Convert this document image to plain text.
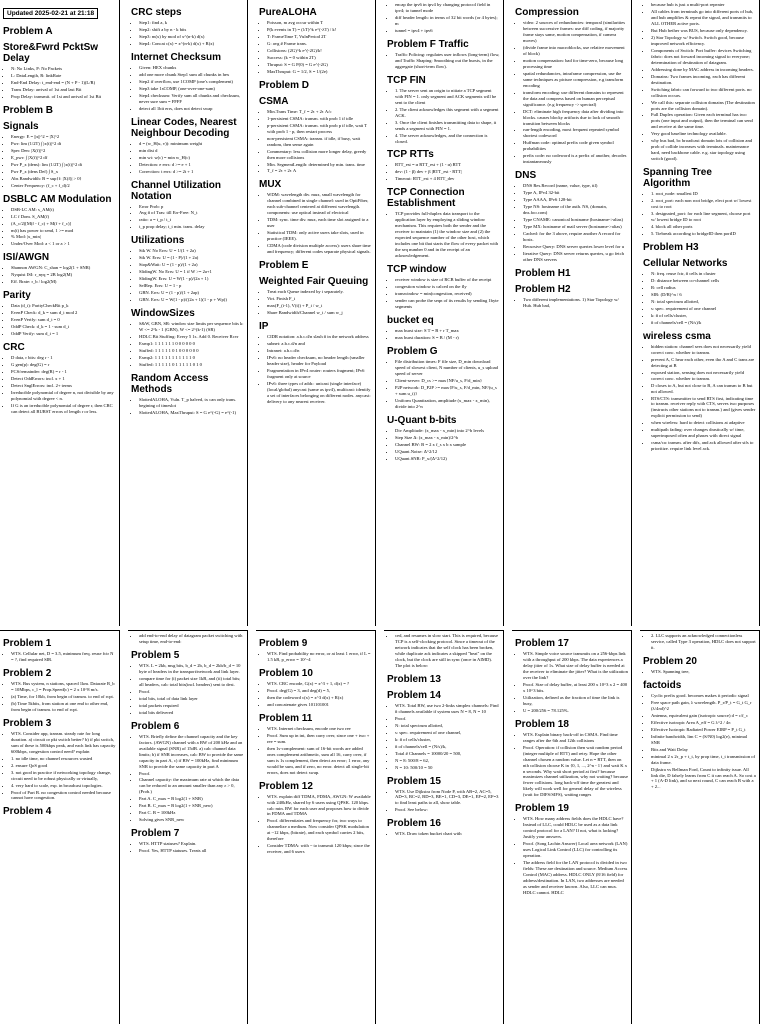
Updated 2025-02-21 at 21:18
Problem A
Store&Fwrd PcktSw Delay
• N: No Links, P: No Packets
• L: DataLength, R: linkRate
• End-End Delay: t_end-end = (N + P - 1)(L/R)
• Trans Delay: arrival of 1st and last Bit
• Prop Delay: transmit. of 1st and arrival of 1st Bit
Problem B
Signals
• Energy: E = ||x||^2 = |X|^2
• Pwr: lim (1/2T) ∫ |x(t)|^2 dt
• Spec Den: |X(f)|^2
• E_pwr: ∫ |X(f)|^2 df
• Pwr P_x (dens): lim (1/2T) ∫ |x(t)|^2 dt
• Pwr P_x (dens Def) ∫ S_x
• Abs Bandwidth: B = sup{f: |X(f)| > 0}
• Center Frequency: (f_c + f_d)/2
DSBLC AM Modulation
• DSB-LC AM: s_AM(t)
• LC f Dom. S_AM(f)
• (A_c/2)[M(f - f_c) + M(f + f_c)]
• m(t) has power to send, 1 >= mod
• % Mod: |x_min|
• Under/Over Mod: a < 1 or a > 1
ISI/AWGN
• Shannon AWGN: C_shan = log2(1 + SNR)
• Nyquist ISI: r_nyq = 2B log2(M)
• Eff. Brate: r_b / log2(M)
Parity
• Data (d_i): ParityCheckBit p_k
• EvenP Check: d_k = sum d_i mod 2
• EvenP Verify: sum d_i = 0
• OddP Check: d_k = 1 - sum d_i
• OddP Verify: sum d_i = 1
CRC
• D data, r bits: deg r - 1
• G gen(p): deg(G) = r
• FCS/remainder: deg(R) = r - 1
• Detect OddErrors: incl. x + 1
• Detect SnglErrors: incl. 2+ terms
• Irreducible polynomial of degree n, not divisible by any polynomial with degree < n.
• If G is an irreducible polynomial of degree r, then CRC can detect all BURST errors of length r or less.
CRC steps
• Step1: find a, k
• Step2: shift a by n - k bits
• Step3: m(x) by mod of x^(n-k) d(x)
• Step4: Concat c(x) = x^(n-k) d(x) + R(x)
Internet Checksum
• Given: HEX chunks
• add one more chunk Step1 sum all chunks in hex
• Step2 if overflow, use 1COMP (one's complement)
• Step3 take 1sCOMP, (one-over-one-sum)
• Step4 checksum: Verify sum all chunks and checksum, never sure sum = FFFF
• detect all 1bit errs, does not detect swap
Linear Codes, Nearest Neighbour Decoding
• d = (w_H(u, v)): minimum weight
• min dist d
• min wt: w(c) = min w_H(c)
• Detection: e errs: d >= e + 1
• Correction: t errs: d >= 2t + 1
Channel Utilization Notation
• Error Prob: p
• Avg # of Tras: till Err-Free: N_t
• ratio: a = t_p / t_t
• t_p prop delay; t_t min. trans. delay
Utilizations
• Stk W. No Errs: U = 1/(1 + 2a)
• Stk W. Errs: U = (1 - P)/(1 + 2a)
• Stop&Wait: U = (1 - p)/(1 + 2a)
• SlidingW. No Errs: U = 1 if W >= 2a+1
• SlidingW. Errs: U = W(1 - p)/(2a + 1)
• SelRep. Errs: U = 1 - p
• GBN. Errs: U = (1 - p)/(1 + 2ap)
• GBN. Errs: U = W(1 - p)/((2a + 1)(1 - p + Wp))
WindowSizes
• S&W, GBN, SR: window size limits per sequence bits k: W <= 2^k - 1 (GBN), W <= 2^(k-1) (SR)
• HDLC Bit Stuffing: Every 5 1s. Add 0. Receiver Rcvr
• Exmp1: 1 1 1 1 1 1 0 0 0 0 0 0
• Stuffed: 1 1 1 1 1 0 1 0 0 0 0 0 0
• Exmp2: 1 1 1 1 1 1 1 1 1 1 1 0
• Stuffed: 1 1 1 1 1 0 1 1 1 1 1 0 1 0
Random Access Methods
• SlottedALOHA, Vuln. T_p halved, tx can only trans. begining of timeslot
• SlottedALOHA, MaxThruput: S = G e^(-G) = e^(-1)
PureALOHA
• Poisson, m avg occur within T
• P(k events in T) = (λT)^k e^(-λT) / k!
• T: FrameTime T, VulnPeriod 2T
• G: avg # Frame trans.
• Collisions: (2G)^k e^(-2G)/k!
• Success: (k = 0 within 2T)
• Thruput: S = G P(0) = G e^(-2G)
• MaxThruput: G = 1/2, S = 1/(2e)
Problem D
CSMA
• Min.Trans Time: T_f = 2τ + 2τ A/c
• 1-persistent CSMA: transm. with prob 1 if idle
• p-persistent CSMA: transm. with prob p if idle, wait T with prob 1 - p, then restart process
• non-persistent CSMA: transm. if idle, if busy, wait random, then sense again
• Commentary: less collision more longer delay, greedy then more collisions
• Min. SegmentLength: determined by min. trans. time
• T_f = 2τ + 2τ A
MUX
• WDM: wavelength div. mux, small wavelength for channel combined in single channel: used in OptiFiber, each sub-channel centered at different wavelength. components: use optical instead of electrical
• TDM: sync. time div. mux, each time slot assigned to a user
• Statistical TDM: only active users take slots, used in practice (IEEE).
• CDMA (code division multiple access): users share time and frequency; different codes separate physical signals.
Problem E
Weighted Fair Queuing
• Treat each Queue indexed by i separately.
• Virt. Finish F_i
• max(F_(i-1), V(t)) + P_i / w_i
• Share Bandwidth/Channel w_i / sum w_j
IP
• CIDR notation: a.b.c.d/n slash # in the network address
• subnet: a.b.c.d/n and
• Intranet: a.b.c.d/n
• IPv6: no header checksum, no header length (smaller header size), header for Payload
• Fragmentation in IPv4 router: routers fragment; IPv6 fragment only at source
• IPv6: three types of addr.: unicast (single interface) (local/global) anycast (same as ipv4), multicast: identify a set of interfaces belonging on different nodes. anycast: delivery to any nearest receiver.
• encap the ipv6 in ipv4 by changing protocol field in ipv4; to tunnel mode
• diff header length: in terms of 32 bit words (or 4 bytes); m
• tunnel = ipv4 + ipv6
Problem F Traffic
• Traffic Policing: regulates user inflows (long-term) flow, and Traffic Shaping: Smoothing out the bursts, in the aggregate (short-term flow).
TCP FIN
• 1. The server sent an origin to nitiate a TCP segment with FIN = 1. only segment and ACK segments will be sent to the client
• 2. The client acknowledges this segment with a segment ACK.
• 3. Once the client finishes transmitting data to shape, it sends a segment with FIN = 1.
• 4. The server acknowledges, and the connection is closed.
TCP RTTs
• RTT_est = α RTT_est + (1 - α) RTT
• dev: (1 - β) dev + β |RTT_est - RTT|
• Timeout: RTT_est + 4 RTT_dev
TCP Connection Establishment
• TCP provides full-duplex data transport to the application layer by employing a sliding window mechanism. This requires both the sender and the receiver to maintain (1) the window size and (2) the expected sequence number of the other host, which includes one bit that starts the flow of every packet with the seq number 0 and in the receipt of an acknowledgement.
TCP window
• receiver window is size of RCB buffer of the receipt
• congestion window is calced on the fly
• transwindow = min(congestion, received)
• sender can probe the seqn of its results by sending 1byte segments
bucket eq
• max burst size: S T = B + r T_max
• max burst duration: S = B / (M - r)
Problem G
• File distribution times: F file size, D_min download speed of slowest client, N number of clients, u_s upload speed of server
• Client-server: D_cs >= max{NF/u_s, F/d_min}
• P2P network: D_P2P >= max{F/u_s, F/d_min, NF/(u_s + sum u_i)}
• Uniform Quantization, amplitude (x_max - x_min), divide into 2^n
U-Quant b-bits
• Div Amplitude: (x_max - x_min) into 2^b levels
• Step Size Δ: (x_max - x_min)/2^b
• Channel BW: B = 2 x f_s x b x sample
• UQuant.Noise: Δ^2/12
• UQuant.SNR: P_x/(Δ^2/12)
Compression
• video: 2 sources of redundancies: temporal (similarities between successive frames: use diff coding, if majority frame stays same, motion compensation, if camera moves)
• (divide frame into macroblocks, use relative movement of block)
• motion compensation: bad for time-zero, because long processing time
• spatial redundancies, intraframe compression, use the same techniques as picture compression, e.g transform encoding
• transform encoding: use different domains to represent the data and compress based on human perceptual significance. (e.g frequency -> spectral)
• DCT: eliminate high frequency data after dividing into blocks. causes blocky artifacts due to lack of smooth transition between blocks
• run-length encoding, most frequent repeated symbol shortest codeword
• Huffman code: optimal prefix code given symbol probabilities
• prefix code: no codeword is a prefix of another, decodes instantaneously
DNS
• DNS Res.Record (name, value, type, ttl)
• Type A, IPv4 32-bit
• Type AAAA, IPv6 128-bit
• Type NS: hostname of the auth. NS, (domain, dns.foo.com)
• Type CNAME: canonical hostname (hostname->alias)
• Type MX: hostname of mail server (hostname->alias)
• Cached: for the 3 above, require another A record for hosts.
• Recursive Query: DNS server queries lower level for u
• Iterative Query: DNS server returns queries, u go fetch other DNS servers
Problem H1
Problem H2
• Two different implementations. 1) Star Topology w/ Hub. Hub bad,
• because hub is just a multi-port repeater
• All cables from terminals go into different ports of hub, and hub amplifies & repeat the signal, and transmits to ALL OTHER active ports.
• But Hub bether was BUS, because only dependency.
• 2) Star Topology w/ Switch. Switch good, because improved network efficiency.
• Components of Switch: Port buffer: devices Switching fabric: does not forward incoming signal to everyone; determination of destination of datagram.
• Addressing done by MAC address in incoming headers.
• Domains: Two frames incoming, each has different destination.
• Switching fabric can forward to two different ports. no collision occurs.
• We call this: separate collision domains (The destination ports are the collision domain).
• Full Duplex operation: Given each terminal has two ports (one input and output), then the terminal can send and receive at the same time.
• Very good baseline technology available.
• why bus bad, bc broadcast domain lots of collision and prob of collide increases with terminals. maintenance hard, need backbone cable. e.g. star topology using switch (good).
Spanning Tree Algorithm
• 1. root_node: smallest ID
• 2. root_port: each non root bridge, elect port w/ lowest cost to root
• 3. designated_port: for each line segment, choose port w/ lowest bridge ID to root
• 4. block all other ports
• 5. Tiebreak according to bridgeID then portID
Problem H3
Cellular Networks
• N: freq. reuse fctr, # cells in cluster
• D: distance between co-channel cells
• R: cell radius
• SIR: (D/R)^n / 6
• N: total spectrum allotted,
• s: spec. requirement of one channel
• k: # of cells/cluster,
• # of channels/cell = (N/s)/k
wireless csma
• hidden station: channel sees does not necessarily yield correct conc. whether to transm.
• prevent A, C hear each other, even tho A and C trans are detecting at B
• exposed station, sensing does not necessarily yield correct conc. whether to transm.
• D closes to A, but not close to B, A can transm to B but not allowed.
• RTS/CTS: transmitter to send RTS first, indicating time to transm. receiver reply with CTS, serves two purposes (instructs other stations not to transm.) and (gives sender explicit permission to send)
• when wireless: hard to detect collisions at adaptive
• multipath fading: over changes drastically w/ time, superimposed often and phases with direct signal
• csma/ca: transm. after difs, and ack allowed after sifs to prioritize. require link level ack.
Problem 1
• WTS. Cellular net, D = 3.5, minimum freq. reuse fctr N = ?, find required SIR.
Problem 2
• WTS. Bus system, n stations, spaced 1km. Datarate R_b = 10Mbps, c_l = Prop.Speed(c) = 2 x 10^8 m/s.
• (a) Time, for 10kb, from begin of transm. to end of rcpt.
• (b) Time 5kbits, from station at one end to other end, from begin of transm. to end of rcpt.
Problem 3
• WTS. Consider app, transm. steady rate for long duration. a) circuit or pkt switch better? b) if pkt switch, sum of these is 500kbps peak, and each link has capacity 600kbps, congestion control need? explain
• 1. no idle time, no channel resources wasted
• 2. ensure QoS good
• 3. not good in practice if networking topology change, circuit need to be robust physically or virtually,
• 4. very hard to scale, esp. in broadcast topologies.
• Proof of Part B. no congestion control needed because cannot have congestion.
Problem 4
• add end-to-end delay of datagram packet switching with setup time, end-to-end:
Problem 5
• WTS. L = 2kb, msg bits, b_d = 2b, b_d = 2kb/b_d = 10 byte of headers in the transport/network and link layer.
• compare time for (i) packet size 1kB, and (ii) total bits; all headers, calc total bits(incl. headers) sent to dest.
• Proof.
• total bits, total of data link layer
• total packets required
• total bits delivered
Problem 6
• WTS. Briefly define the channel capacity and the key factors. (AWGN) channel with a BW of 200 kHz and an available signal (SNR) of 15dB. a) calc channel data limits; b) if SNR increases, calc BW to provide the same capacity in part A, c) if BW = 100kHz, find minimum SNR to provide the same capacity in part A
• Proof.
• Channel capacity: the maximum rate at which the data can be reduced to an amount smaller than any ε > 0, (Prob.)
• Part A. C_max = B log2(1 + SNR)
• Part B. C_max = B log2(1 + SNR_new)
• Part C. B = 100kHz
• Solving gives SNR_new
Problem 7
• WTS. HTTP statuses? Explain.
• Proof. Yes, HTTP statuses. Treats all
Problem 9
• WTS. Find probability no error, or at least 1 error, if L = 1.5 kB, p_error = 10^-4
Problem 10
• WTS. CRC encode, G(x) = x^3 + 1, d(x) = ?
• Proof. deg(G) = 3, and deg(d) = 5,
• then the codeword c(x) = x^3 d(x) + R(x)
• and concatenate gives 101101001
Problem 11
• WTS. Internet checksum, encode one two ree
• Proof. Sum up in int, then carry over, since one + two + ree = sum.
• then 1s-complement: sum of 16-bit words are added ones complement arithmetic, sum all 16, carry over, if sum is 1s complement, then detect an error; 1 error, any would be sum, and if zero, no error. detect all single-bit errors, does not detect swap.
Problem 12
• WTS. explain diff TDMA, FDMA, AWGN: W available with 240kHz, shared by 6 users using QPSK. 120 kbps. calc min. BW for each user and proposes how to divide in FDMA and TDMA
• Proof. differentiates and frequency for, two ways to channelize a medium. Now consider QPSK modulation at ~12 kbps, (bitrate), and each symbol carries 2 bits, therefore
• Consider TDMA: with ~ to transmit 120 kbps; since the receiver, and 6 users
• ced, and resumes in slow start. This is required, because TCP is a self-clocking protocol. Since a timeout of the network indicates that the self clock has been broken, while duplicate ack indicates a skipped "beat" on the clock, but the clock are still in sync (once in AIMD). The plot is below:
Problem 13
Problem 14
• WTS. Total BW, use two 2-links simplex channels: Find # channels available if system uses N = 8, N = 10
• Proof.
• N: total spectrum allotted,
• s: spec. requirement of one channel,
• k: # of cells/cluster,
• # of channels/cell = (N/s)/k,
• Total # Channels = 10000/20 = 500,
• N = 8: 500/8 = 62,
• N = 10: 500/10 = 50
Problem 15
• WTS. Use Dijkstra from Node P, with AB=2, AC=5, AD=3, BC=2, BD=3, BE=1, CD=3, DE=1, EF=2, EF=3 to find least paths to all, show table.
• Proof. See below:
Problem 16
• WTS. Draw token bucket chart with
Problem 17
• WTS. Simple voice source transmits on a 256-kbps link with a throughput of 200 kbps. The data experiences a delay jitter of 1s. What size of delay buffer is needed at the receiver to eliminate the jitter? What is the utilization over the link?
• Proof. Size of delay buffer, at least 200 x 10^3 x 2 = 400 x 10^3 bits.
• Utilization, defined as the fraction of time the link is busy,
• U = 200/256 = 78.125%.
Problem 18
• WTS. Explain binary back-off in CSMA. Find time ranges after the 6th and 12th collisions
• Proof. Operation: if collision then wait random period (integer multiple of RTT) and retry. Hope the other channel chosen a random value. Let n = RTT, then on nth collision choose K in {0, 1, ..., 2^n - 1} and wait K x n seconds. Why wait short period at first? because maximizes channel utilization, why not waiting? because fewer collisions. long back-off time the greatest and likely will work well for general delay of the wireless (wait for DIFS/SIFS), waiting ranges
Problem 19
• WTS. How many address fields does the HDLC have? Instead of LLC, could HDLC be used as a data link control protocol for a LAN? If not, what is lacking? Justify your answers.
• Proof. (Song Lachin Answer) Local area network (LAN) uses Logical Link Control (LLC) for controlling its operation.
• The address field for the LAN protocol is divided in two fields: These are destination and source. Medium Access Control (MAC) address. HDLC ONLY (8/16 field) for address/destination. In LAN, two addresses are needed as sender and receiver known. Also, LLC can mux. HDLC cannot. HDLC
• 2. LLC supports an acknowledged connectionless service, called Type 3 operation, HDLC does not support it.
Problem 20
• WTS. Spanning tree,
factoids
• Cyclic prefix good. becomes makes it periodic signal
• Free space path gain, λ wavelength. P_r/P_t = G_t G_r (λ/4πd)^2
• Antenna, equivalent gain (isotropic source) d = c/f_c
• Effective isotropic Area A_eff = G λ^2 / 4π
• Effective Isotropic Radiated Power EIRP = P_t G_t
• Infinite bandwidth, lim C = (S/N0) log2(e), minimal SNR
• Bits and Wait Delay
• minimal 2 x 2τ_p + t_t, by prop time, t_t transmission of data frame.
• Dijkstra vs Bellman Ford, Count to infinity issue. All link die, D falsely learns from C it can reach A. So cost a + 1 (A-D link), and so next round, C can reach B with a + 2...
